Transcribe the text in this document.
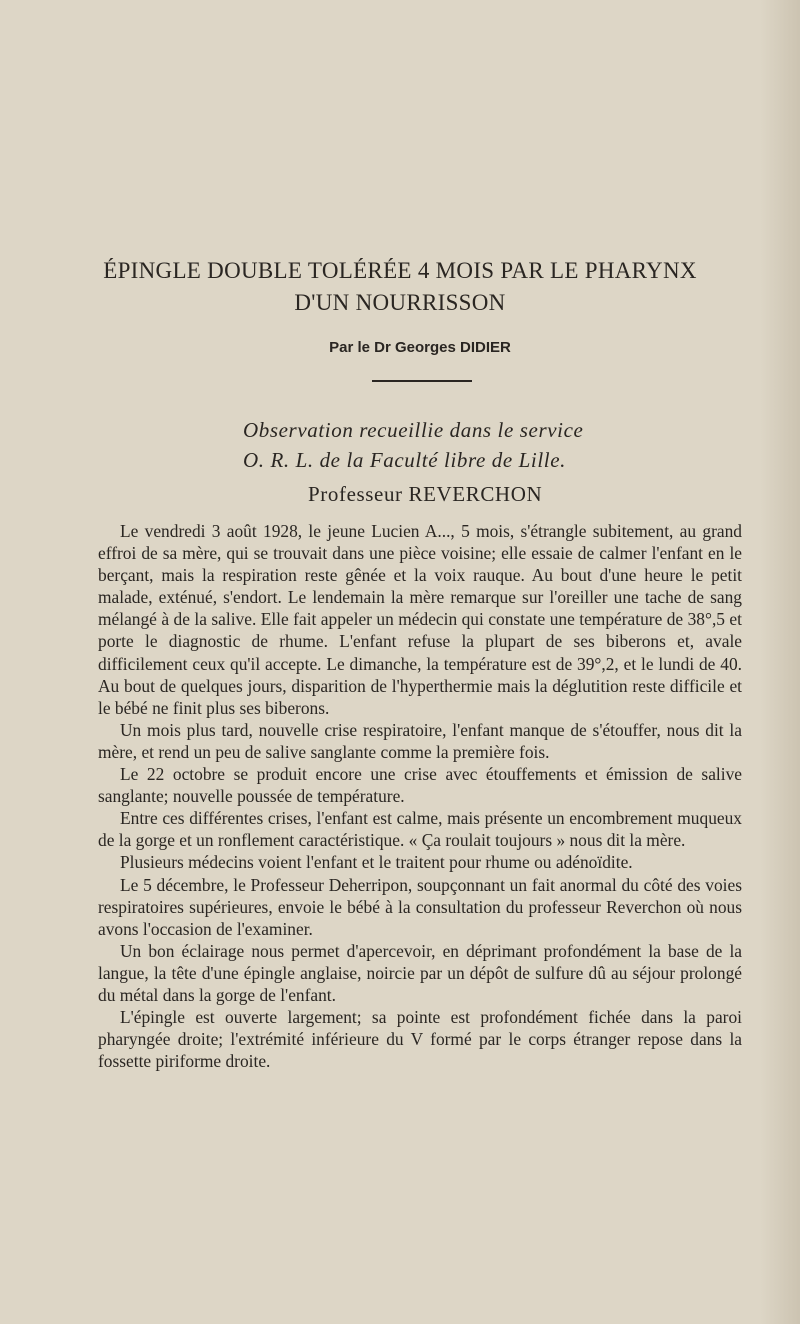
ÉPINGLE DOUBLE TOLÉRÉE 4 MOIS PAR LE PHARYNX
D'UN NOURRISSON
Par le Dr Georges DIDIER
Observation recueillie dans le service
O. R. L. de la Faculté libre de Lille.
Professeur REVERCHON

Le vendredi 3 août 1928, le jeune Lucien A..., 5 mois, s'étrangle subitement, au grand effroi de sa mère, qui se trouvait dans une pièce voisine; elle essaie de calmer l'enfant en le berçant, mais la respiration reste gênée et la voix rauque. Au bout d'une heure le petit malade, exténué, s'endort. Le lendemain la mère remarque sur l'oreiller une tache de sang mélangé à de la salive. Elle fait appeler un médecin qui constate une température de 38°,5 et porte le diagnostic de rhume. L'enfant refuse la plupart de ses biberons et, avale difficilement ceux qu'il accepte. Le dimanche, la température est de 39°,2, et le lundi de 40. Au bout de quelques jours, disparition de l'hyperthermie mais la déglutition reste difficile et le bébé ne finit plus ses biberons.

Un mois plus tard, nouvelle crise respiratoire, l'enfant manque de s'étouffer, nous dit la mère, et rend un peu de salive sanglante comme la première fois.

Le 22 octobre se produit encore une crise avec étouffements et émission de salive sanglante; nouvelle poussée de température.

Entre ces différentes crises, l'enfant est calme, mais présente un encombrement muqueux de la gorge et un ronflement caractéristique. « Ça roulait toujours » nous dit la mère.

Plusieurs médecins voient l'enfant et le traitent pour rhume ou adénoïdite.

Le 5 décembre, le Professeur Deherripon, soupçonnant un fait anormal du côté des voies respiratoires supérieures, envoie le bébé à la consultation du professeur Reverchon où nous avons l'occasion de l'examiner.

Un bon éclairage nous permet d'apercevoir, en déprimant profondément la base de la langue, la tête d'une épingle anglaise, noircie par un dépôt de sulfure dû au séjour prolongé du métal dans la gorge de l'enfant.

L'épingle est ouverte largement; sa pointe est profondément fichée dans la paroi pharyngée droite; l'extrémité inférieure du V formé par le corps étranger repose dans la fossette piriforme droite.
